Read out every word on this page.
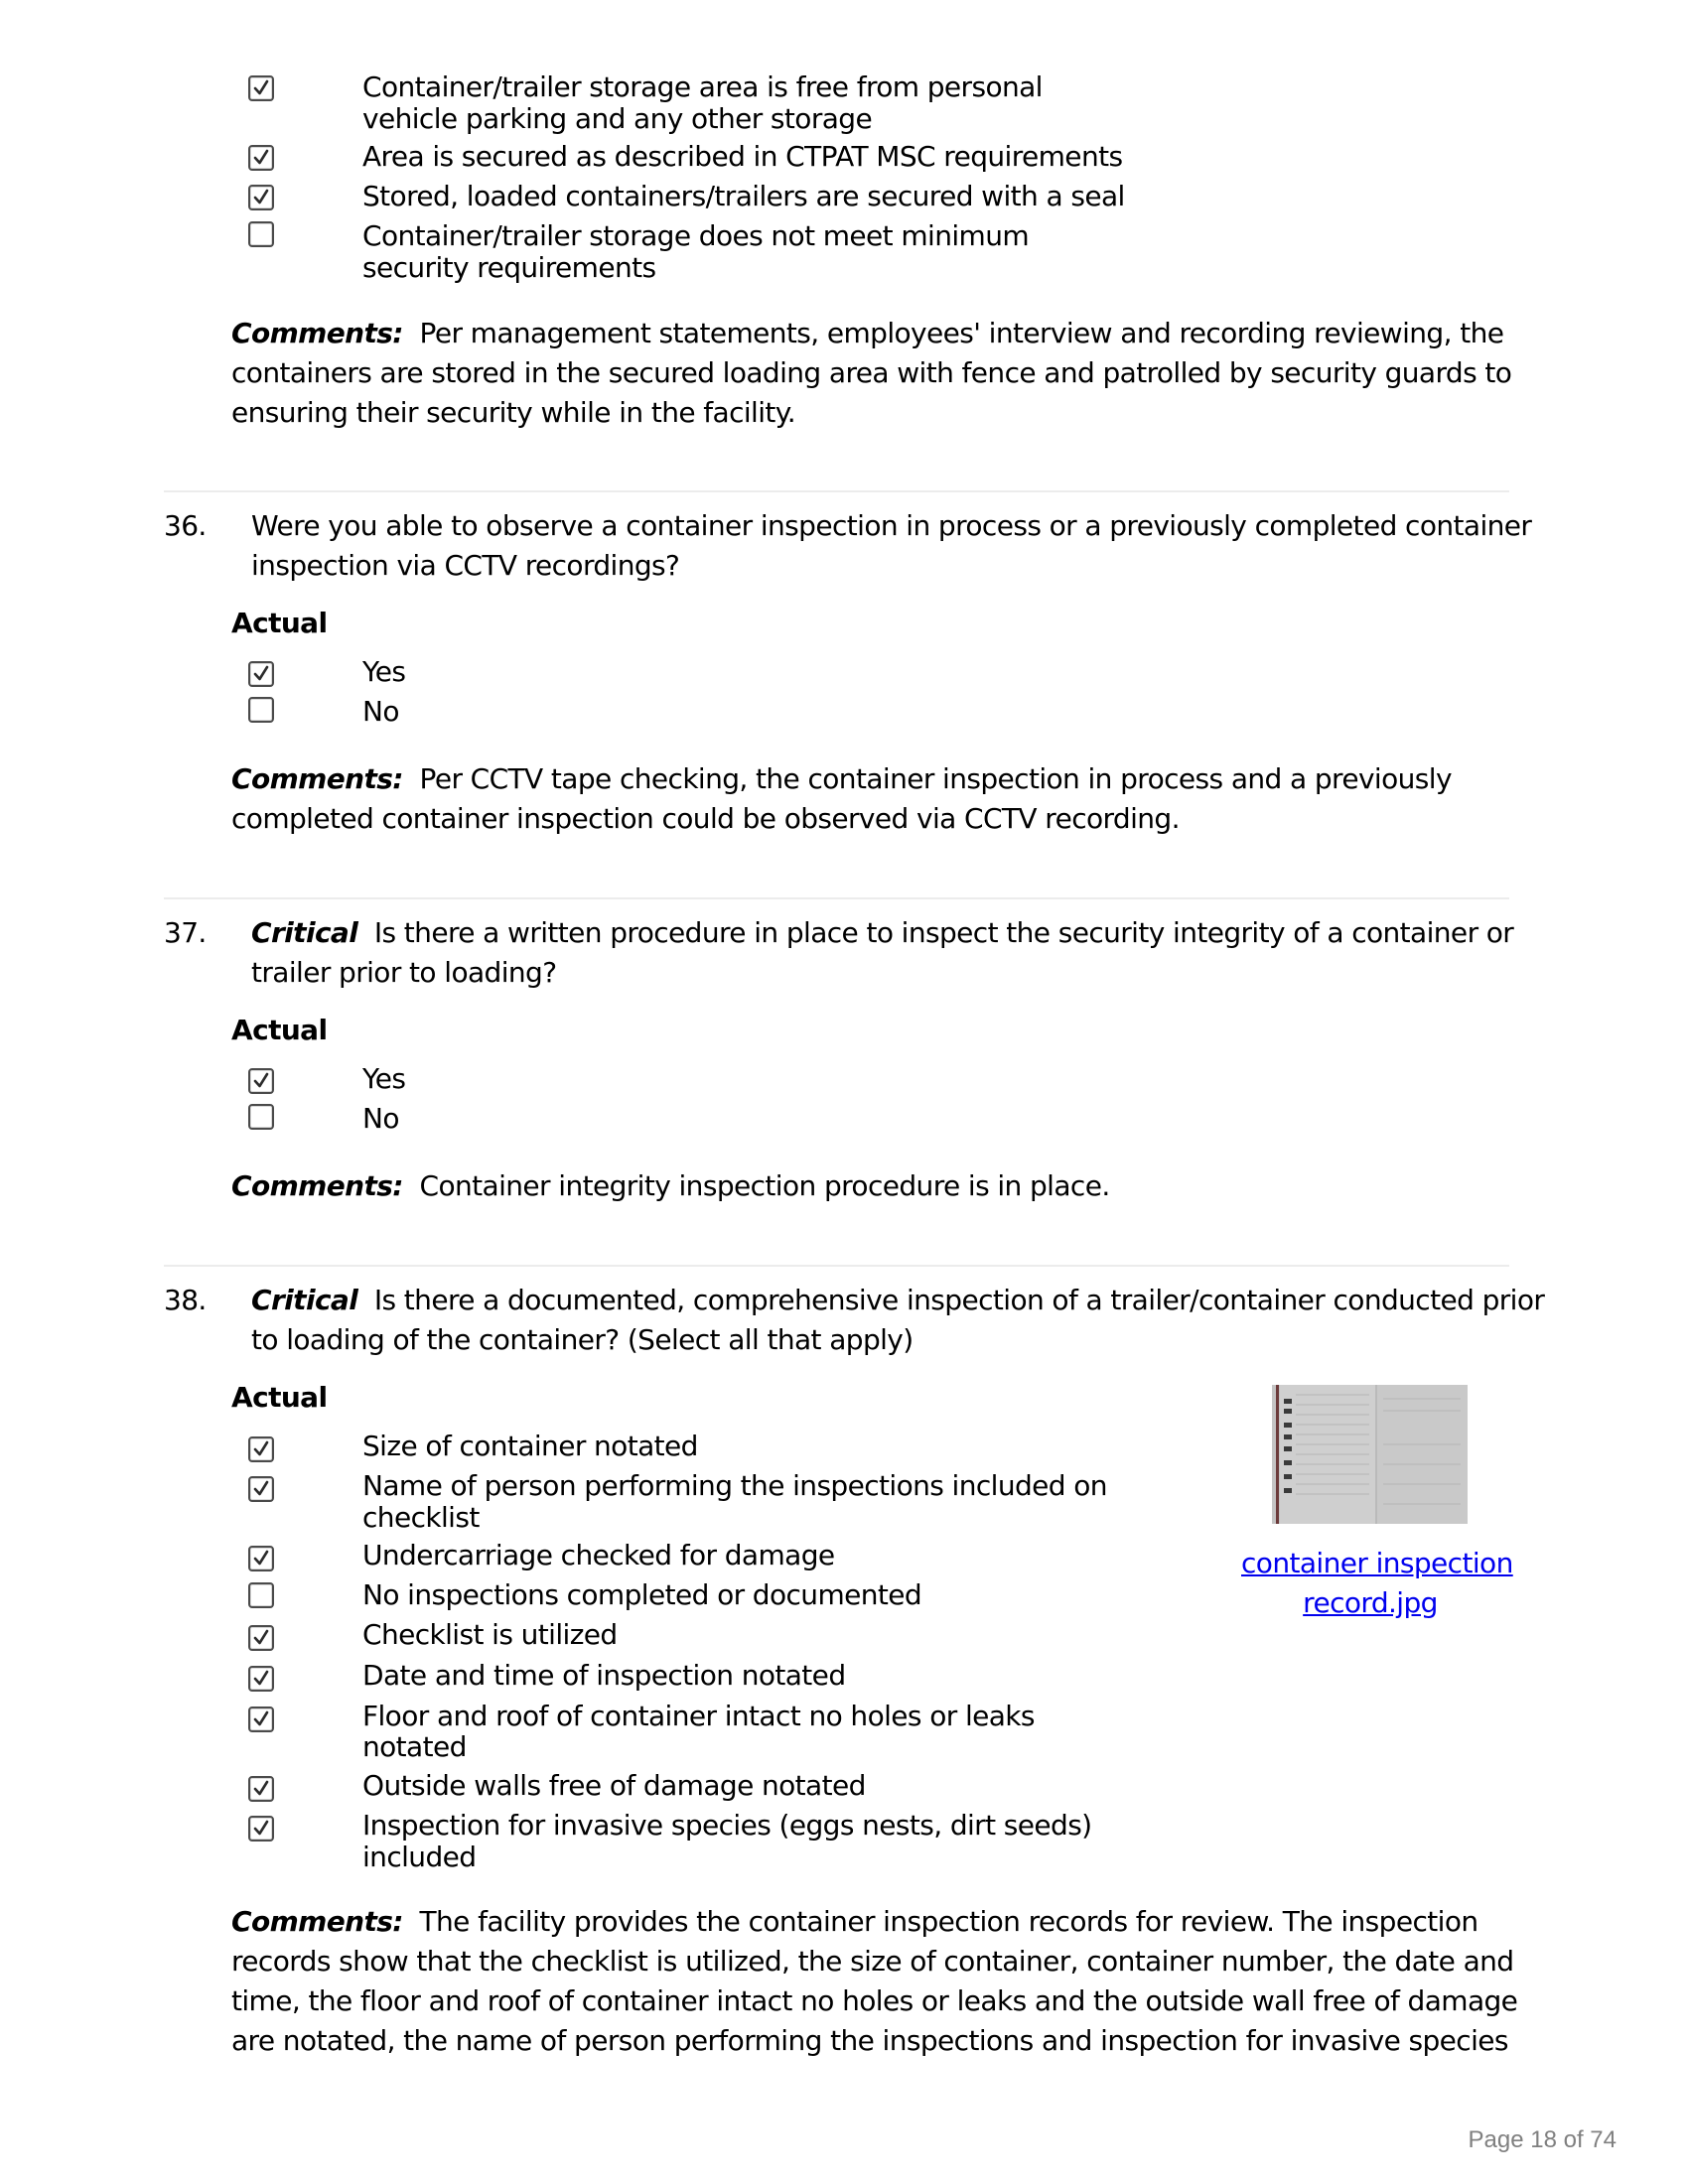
Container/trailer storage area is free from personal
vehicle parking and any other storage
Area is secured as described in CTPAT MSC requirements
Stored, loaded containers/trailers are secured with a seal
Container/trailer storage does not meet minimum
security requirements
Comments: Per management statements, employees' interview and recording reviewing, the
containers are stored in the secured loading area with fence and patrolled by security guards to
ensuring their security while in the facility.
36. Were you able to observe a container inspection in process or a previously completed container
inspection via CCTV recordings?
Actual
Yes
No
Comments: Per CCTV tape checking, the container inspection in process and a previously
completed container inspection could be observed via CCTV recording.
37. Critical Is there a written procedure in place to inspect the security integrity of a container or
trailer prior to loading?
Actual
Yes
No
Comments: Container integrity inspection procedure is in place.
38. Critical Is there a documented, comprehensive inspection of a trailer/container conducted prior
to loading of the container? (Select all that apply)
Actual
Size of container notated
Name of person performing the inspections included on
checklist
Undercarriage checked for damage
No inspections completed or documented
Checklist is utilized
Date and time of inspection notated
Floor and roof of container intact no holes or leaks
notated
Outside walls free of damage notated
Inspection for invasive species (eggs nests, dirt seeds)
included
container inspection
record.jpg
Comments: The facility provides the container inspection records for review. The inspection
records show that the checklist is utilized, the size of container, container number, the date and
time, the floor and roof of container intact no holes or leaks and the outside wall free of damage
are notated, the name of person performing the inspections and inspection for invasive species
Page 18 of 74
